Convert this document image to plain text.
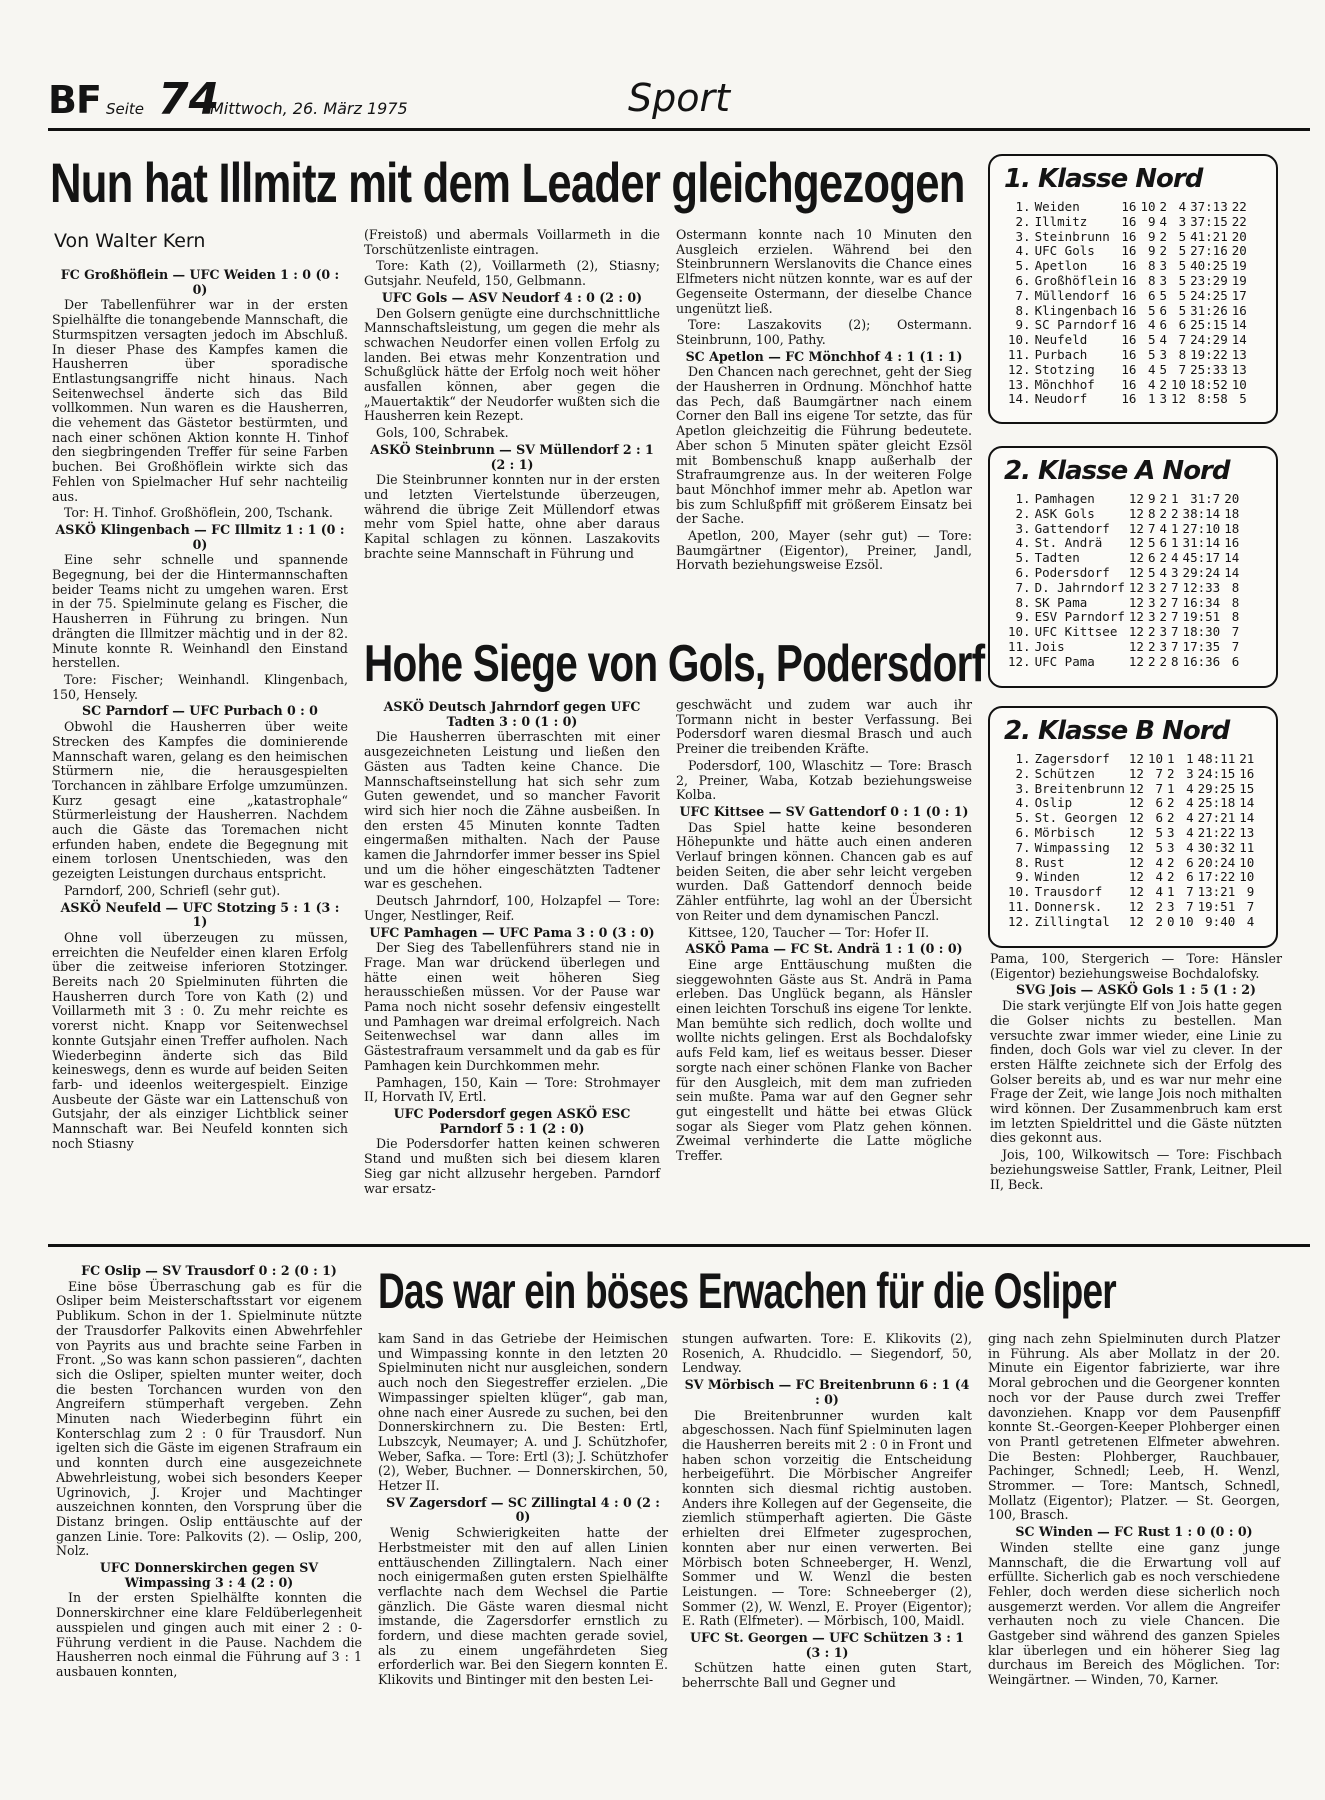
BF Seite 74
Mittwoch, 26. März 1975	Sport
Nun hat Illmitz mit dem Leader gleichgezogen
Von Walter Kern

FC Großhöflein — UFC Weiden 1 : 0 (0 : 0)

Der Tabellenführer war in der ersten Spielhälfte die tonangebende Mannschaft, die Sturmspitzen versagten jedoch im Abschluß. In dieser Phase des Kampfes kamen die Hausherren über sporadische Entlastungsangriffe nicht hinaus. Nach Seitenwechsel änderte sich das Bild vollkommen. Nun waren es die Hausherren, die vehement das Gästetor bestürmten, und nach einer schönen Aktion konnte H. Tinhof den siegbringenden Treffer für seine Farben buchen. Bei Großhöflein wirkte sich das Fehlen von Spielmacher Huf sehr nachteilig aus.

Tor: H. Tinhof. Großhöflein, 200, Tschank.

ASKÖ Klingenbach — FC Illmitz 1 : 1 (0 : 0)

Eine sehr schnelle und spannende Begegnung, bei der die Hintermannschaften beider Teams nicht zu umgehen waren. Erst in der 75. Spielminute gelang es Fischer, die Hausherren in Führung zu bringen. Nun drängten die Illmitzer mächtig und in der 82. Minute konnte R. Weinhandl den Einstand herstellen.

Tore: Fischer; Weinhandl. Klingenbach, 150, Hensely.

SC Parndorf — UFC Purbach 0 : 0

Obwohl die Hausherren über weite Strecken des Kampfes die dominierende Mannschaft waren, gelang es den heimischen Stürmern nie, die herausgespielten Torchancen in zählbare Erfolge umzumünzen. Kurz gesagt eine „katastrophale“ Stürmerleistung der Hausherren. Nachdem auch die Gäste das Toremachen nicht erfunden haben, endete die Begegnung mit einem torlosen Unentschieden, was den gezeigten Leistungen durchaus entspricht.

Parndorf, 200, Schriefl (sehr gut).

ASKÖ Neufeld — UFC Stotzing 5 : 1 (3 : 1)

Ohne voll überzeugen zu müssen, erreichten die Neufelder einen klaren Erfolg über die zeitweise inferioren Stotzinger. Bereits nach 20 Spielminuten führten die Hausherren durch Tore von Kath (2) und Voillarmeth mit 3 : 0. Zu mehr reichte es vorerst nicht. Knapp vor Seitenwechsel konnte Gutsjahr einen Treffer aufholen. Nach Wiederbeginn änderte sich das Bild keineswegs, denn es wurde auf beiden Seiten farb- und ideenlos weitergespielt. Einzige Ausbeute der Gäste war ein Lattenschuß von Gutsjahr, der als einziger Lichtblick seiner Mannschaft war. Bei Neufeld konnten sich noch Stiasny

(Freistoß) und abermals Voillarmeth in die Torschützenliste eintragen.

Tore: Kath (2), Voillarmeth (2), Stiasny; Gutsjahr. Neufeld, 150, Gelbmann.

UFC Gols — ASV Neudorf 4 : 0 (2 : 0)

Den Golsern genügte eine durchschnittliche Mannschaftsleistung, um gegen die mehr als schwachen Neudorfer einen vollen Erfolg zu landen. Bei etwas mehr Konzentration und Schußglück hätte der Erfolg noch weit höher ausfallen können, aber gegen die „Mauertaktik“ der Neudorfer wußten sich die Hausherren kein Rezept.

Gols, 100, Schrabek.

ASKÖ Steinbrunn — SV Müllendorf 2 : 1 (2 : 1)

Die Steinbrunner konnten nur in der ersten und letzten Viertelstunde überzeugen, während die übrige Zeit Müllendorf etwas mehr vom Spiel hatte, ohne aber daraus Kapital schlagen zu können. Laszakovits brachte seine Mannschaft in Führung und

Ostermann konnte nach 10 Minuten den Ausgleich erzielen. Während bei den Steinbrunnern Werslanovits die Chance eines Elfmeters nicht nützen konnte, war es auf der Gegenseite Ostermann, der dieselbe Chance ungenützt ließ.

Tore: Laszakovits (2); Ostermann. Steinbrunn, 100, Pathy.

SC Apetlon — FC Mönchhof 4 : 1 (1 : 1)

Den Chancen nach gerechnet, geht der Sieg der Hausherren in Ordnung. Mönchhof hatte das Pech, daß Baumgärtner nach einem Corner den Ball ins eigene Tor setzte, das für Apetlon gleichzeitig die Führung bedeutete. Aber schon 5 Minuten später gleicht Ezsöl mit Bombenschuß knapp außerhalb der Strafraumgrenze aus. In der weiteren Folge baut Mönchhof immer mehr ab. Apetlon war bis zum Schlußpfiff mit größerem Einsatz bei der Sache.

Apetlon, 200, Mayer (sehr gut) — Tore: Baumgärtner (Eigentor), Preiner, Jandl, Horvath beziehungsweise Ezsöl.

Hohe Siege von Gols, Podersdorf

ASKÖ Deutsch Jahrndorf gegen UFC Tadten 3 : 0 (1 : 0)

Die Hausherren überraschten mit einer ausgezeichneten Leistung und ließen den Gästen aus Tadten keine Chance. Die Mannschaftseinstellung hat sich sehr zum Guten gewendet, und so mancher Favorit wird sich hier noch die Zähne ausbeißen. In den ersten 45 Minuten konnte Tadten eingermaßen mithalten. Nach der Pause kamen die Jahrndorfer immer besser ins Spiel und um die höher eingeschätzten Tadtener war es geschehen.

Deutsch Jahrndorf, 100, Holzapfel — Tore: Unger, Nestlinger, Reif.

UFC Pamhagen — UFC Pama 3 : 0 (3 : 0)

Der Sieg des Tabellenführers stand nie in Frage. Man war drückend überlegen und hätte einen weit höheren Sieg herausschießen müssen. Vor der Pause war Pama noch nicht sosehr defensiv eingestellt und Pamhagen war dreimal erfolgreich. Nach Seitenwechsel war dann alles im Gästestrafraum versammelt und da gab es für Pamhagen kein Durchkommen mehr.

Pamhagen, 150, Kain — Tore: Strohmayer II, Horvath IV, Ertl.

UFC Podersdorf gegen ASKÖ ESC Parndorf 5 : 1 (2 : 0)

Die Podersdorfer hatten keinen schweren Stand und mußten sich bei diesem klaren Sieg gar nicht allzusehr hergeben. Parndorf war ersatz-

geschwächt und zudem war auch ihr Tormann nicht in bester Verfassung. Bei Podersdorf waren diesmal Brasch und auch Preiner die treibenden Kräfte.

Podersdorf, 100, Wlaschitz — Tore: Brasch 2, Preiner, Waba, Kotzab beziehungsweise Kolba.

UFC Kittsee — SV Gattendorf 0 : 1 (0 : 1)

Das Spiel hatte keine besonderen Höhepunkte und hätte auch einen anderen Verlauf bringen können. Chancen gab es auf beiden Seiten, die aber sehr leicht vergeben wurden. Daß Gattendorf dennoch beide Zähler entführte, lag wohl an der Übersicht von Reiter und dem dynamischen Panczl.

Kittsee, 120, Taucher — Tor: Hofer II.

ASKÖ Pama — FC St. Andrä 1 : 1 (0 : 0)

Eine arge Enttäuschung mußten die sieggewohnten Gäste aus St. Andrä in Pama erleben. Das Unglück begann, als Hänsler einen leichten Torschuß ins eigene Tor lenkte. Man bemühte sich redlich, doch wollte und wollte nichts gelingen. Erst als Bochdalofsky aufs Feld kam, lief es weitaus besser. Dieser sorgte nach einer schönen Flanke von Bacher für den Ausgleich, mit dem man zufrieden sein mußte. Pama war auf den Gegner sehr gut eingestellt und hätte bei etwas Glück sogar als Sieger vom Platz gehen können. Zweimal verhinderte die Latte mögliche Treffer.

Pama, 100, Stergerich — Tore: Hänsler (Eigentor) beziehungsweise Bochdalofsky.

SVG Jois — ASKÖ Gols 1 : 5 (1 : 2)

Die stark verjüngte Elf von Jois hatte gegen die Golser nichts zu bestellen. Man versuchte zwar immer wieder, eine Linie zu finden, doch Gols war viel zu clever. In der ersten Hälfte zeichnete sich der Erfolg des Golser bereits ab, und es war nur mehr eine Frage der Zeit, wie lange Jois noch mithalten wird können. Der Zusammenbruch kam erst im letzten Spieldrittel und die Gäste nützten dies gekonnt aus.

Jois, 100, Wilkowitsch — Tore: Fischbach beziehungsweise Sattler, Frank, Leitner, Pleil II, Beck.

1. Klasse Nord
1.	Weiden	16	10	2	4	37:13	22
2.	Illmitz	16	9	4	3	37:15	22
3.	Steinbrunn	16	9	2	5	41:21	20
4.	UFC Gols	16	9	2	5	27:16	20
5.	Apetlon	16	8	3	5	40:25	19
6.	Großhöflein	16	8	3	5	23:29	19
7.	Müllendorf	16	6	5	5	24:25	17
8.	Klingenbach	16	5	6	5	31:26	16
9.	SC Parndorf	16	4	6	6	25:15	14
10.	Neufeld	16	5	4	7	24:29	14
11.	Purbach	16	5	3	8	19:22	13
12.	Stotzing	16	4	5	7	25:33	13
13.	Mönchhof	16	4	2	10	18:52	10
14.	Neudorf	16	1	3	12	8:58	5
2. Klasse A Nord
1.	Pamhagen	12	9	2	1	31:7	20
2.	ASK Gols	12	8	2	2	38:14	18
3.	Gattendorf	12	7	4	1	27:10	18
4.	St. Andrä	12	5	6	1	31:14	16
5.	Tadten	12	6	2	4	45:17	14
6.	Podersdorf	12	5	4	3	29:24	14
7.	D. Jahrndorf	12	3	2	7	12:33	8
8.	SK Pama	12	3	2	7	16:34	8
9.	ESV Parndorf	12	3	2	7	19:51	8
10.	UFC Kittsee	12	2	3	7	18:30	7
11.	Jois	12	2	3	7	17:35	7
12.	UFC Pama	12	2	2	8	16:36	6
2. Klasse B Nord
1.	Zagersdorf	12	10	1	1	48:11	21
2.	Schützen	12	7	2	3	24:15	16
3.	Breitenbrunn	12	7	1	4	29:25	15
4.	Oslip	12	6	2	4	25:18	14
5.	St. Georgen	12	6	2	4	27:21	14
6.	Mörbisch	12	5	3	4	21:22	13
7.	Wimpassing	12	5	3	4	30:32	11
8.	Rust	12	4	2	6	20:24	10
9.	Winden	12	4	2	6	17:22	10
10.	Trausdorf	12	4	1	7	13:21	9
11.	Donnersk.	12	2	3	7	19:51	7
12.	Zillingtal	12	2	0	10	9:40	4
Das war ein böses Erwachen für die Osliper

FC Oslip — SV Trausdorf 0 : 2 (0 : 1)

Eine böse Überraschung gab es für die Osliper beim Meisterschaftsstart vor eigenem Publikum. Schon in der 1. Spielminute nützte der Trausdorfer Palkovits einen Abwehrfehler von Payrits aus und brachte seine Farben in Front. „So was kann schon passieren“, dachten sich die Osliper, spielten munter weiter, doch die besten Torchancen wurden von den Angreifern stümperhaft vergeben. Zehn Minuten nach Wiederbeginn führt ein Konterschlag zum 2 : 0 für Trausdorf. Nun igelten sich die Gäste im eigenen Strafraum ein und konnten durch eine ausgezeichnete Abwehrleistung, wobei sich besonders Keeper Ugrinovich, J. Krojer und Machtinger auszeichnen konnten, den Vorsprung über die Distanz bringen. Oslip enttäuschte auf der ganzen Linie. Tore: Palkovits (2). — Oslip, 200, Nolz.

UFC Donnerskirchen gegen SV Wimpassing 3 : 4 (2 : 0)

In der ersten Spielhälfte konnten die Donnerskirchner eine klare Feldüberlegenheit ausspielen und gingen auch mit einer 2 : 0-Führung verdient in die Pause. Nachdem die Hausherren noch einmal die Führung auf 3 : 1 ausbauen konnten,

kam Sand in das Getriebe der Heimischen und Wimpassing konnte in den letzten 20 Spielminuten nicht nur ausgleichen, sondern auch noch den Siegestreffer erzielen. „Die Wimpassinger spielten klüger“, gab man, ohne nach einer Ausrede zu suchen, bei den Donnerskirchnern zu. Die Besten: Ertl, Lubszcyk, Neumayer; A. und J. Schützhofer, Weber, Safka. — Tore: Ertl (3); J. Schützhofer (2), Weber, Buchner. — Donnerskirchen, 50, Hetzer II.

SV Zagersdorf — SC Zillingtal 4 : 0 (2 : 0)

Wenig Schwierigkeiten hatte der Herbstmeister mit den auf allen Linien enttäuschenden Zillingtalern. Nach einer noch einigermaßen guten ersten Spielhälfte verflachte nach dem Wechsel die Partie gänzlich. Die Gäste waren diesmal nicht imstande, die Zagersdorfer ernstlich zu fordern, und diese machten gerade soviel, als zu einem ungefährdeten Sieg erforderlich war. Bei den Siegern konnten E. Klikovits und Bintinger mit den besten Lei-

stungen aufwarten. Tore: E. Klikovits (2), Rosenich, A. Rhudcidlo. — Siegendorf, 50, Lendway.

SV Mörbisch — FC Breitenbrunn 6 : 1 (4 : 0)

Die Breitenbrunner wurden kalt abgeschossen. Nach fünf Spielminuten lagen die Hausherren bereits mit 2 : 0 in Front und haben schon vorzeitig die Entscheidung herbeigeführt. Die Mörbischer Angreifer konnten sich diesmal richtig austoben. Anders ihre Kollegen auf der Gegenseite, die ziemlich stümperhaft agierten. Die Gäste erhielten drei Elfmeter zugesprochen, konnten aber nur einen verwerten. Bei Mörbisch boten Schneeberger, H. Wenzl, Sommer und W. Wenzl die besten Leistungen. — Tore: Schneeberger (2), Sommer (2), W. Wenzl, E. Proyer (Eigentor); E. Rath (Elfmeter). — Mörbisch, 100, Maidl.

UFC St. Georgen — UFC Schützen 3 : 1 (3 : 1)

Schützen hatte einen guten Start, beherrschte Ball und Gegner und

ging nach zehn Spielminuten durch Platzer in Führung. Als aber Mollatz in der 20. Minute ein Eigentor fabrizierte, war ihre Moral gebrochen und die Georgener konnten noch vor der Pause durch zwei Treffer davonziehen. Knapp vor dem Pausenpfiff konnte St.-Georgen-Keeper Plohberger einen von Prantl getretenen Elfmeter abwehren. Die Besten: Plohberger, Rauchbauer, Pachinger, Schnedl; Leeb, H. Wenzl, Strommer. — Tore: Mantsch, Schnedl, Mollatz (Eigentor); Platzer. — St. Georgen, 100, Brasch.

SC Winden — FC Rust 1 : 0 (0 : 0)

Winden stellte eine ganz junge Mannschaft, die die Erwartung voll auf erfüllte. Sicherlich gab es noch verschiedene Fehler, doch werden diese sicherlich noch ausgemerzt werden. Vor allem die Angreifer verhauten noch zu viele Chancen. Die Gastgeber sind während des ganzen Spieles klar überlegen und ein höherer Sieg lag durchaus im Bereich des Möglichen. Tor: Weingärtner. — Winden, 70, Karner.
